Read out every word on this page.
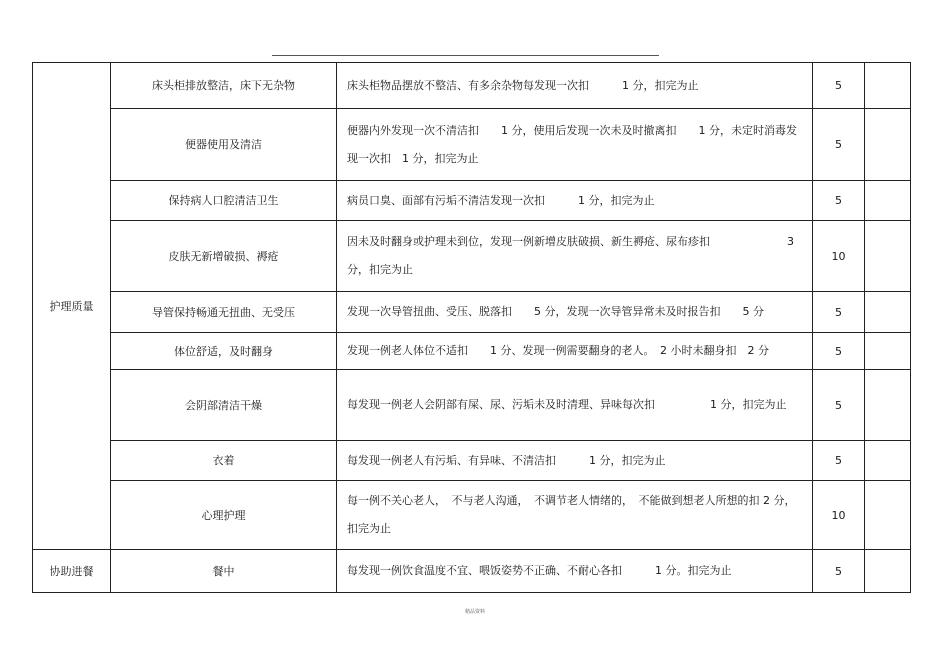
护理质量	床头柜排放整洁，床下无杂物	床头柜物品摆放不整洁、有多余杂物每发现一次扣　　　1 分，扣完为止	5	
	便器使用及清洁	便器内外发现一次不清洁扣　　1 分，使用后发现一次未及时撤离扣　　1 分，未定时消毒发现一次扣　1 分，扣完为止	5	
	保持病人口腔清洁卫生	病员口臭、面部有污垢不清洁发现一次扣　　　1 分，扣完为止	5	
	皮肤无新增破损、褥疮	因未及时翻身或护理未到位，发现一例新增皮肤破损、新生褥疮、尿布疹扣　　　　　　　3 分，扣完为止	10	
	导管保持畅通无扭曲、无受压	发现一次导管扭曲、受压、脱落扣　　5 分，发现一次导管异常未及时报告扣　　5 分	5	
	体位舒适，及时翻身	发现一例老人体位不适扣　　1 分、发现一例需要翻身的老人。　2 小时未翻身扣　2 分	5	
	会阴部清洁干燥	每发现一例老人会阴部有屎、尿、污垢未及时清理、异味每次扣　　　　　1 分，扣完为止	5	
	衣着	每发现一例老人有污垢、有异味、不清洁扣　　　1 分，扣完为止	5	
	心理护理	每一例不关心老人，　不与老人沟通，　不调节老人情绪的，　不能做到想老人所想的扣 2 分，扣完为止	10	
协助进餐	餐中	每发现一例饮食温度不宜、喂饭姿势不正确、不耐心各扣　　　1 分。扣完为止	5	
精品资料
